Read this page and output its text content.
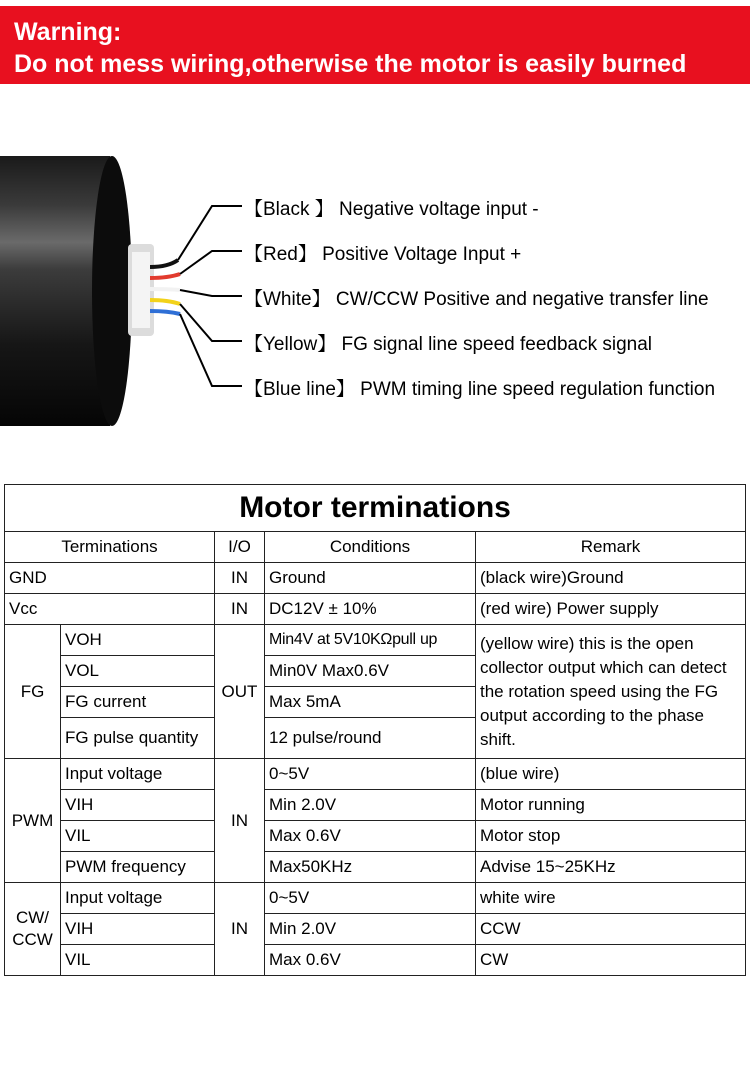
Warning:
Do not mess wiring,otherwise the motor is easily burned
【Black 】 Negative voltage input -
【Red】 Positive Voltage Input +
【White】 CW/CCW Positive and negative transfer line
【Yellow】 FG signal line speed feedback signal
【Blue line】 PWM timing line speed regulation function
Motor terminations				
Terminations		I/O	Conditions	Remark
GND		IN	Ground	(black wire)Ground
Vcc		IN	DC12V ± 10%	(red wire) Power supply
FG	VOH	OUT	Min4V at 5V10KΩpull up	(yellow wire) this is the open collector output which can detect the rotation speed using the FG output according to the phase shift.
	VOL		Min0V Max0.6V	
	FG current		Max 5mA	
	FG pulse quantity		12 pulse/round	
PWM	Input voltage	IN	0~5V	(blue wire)
	VIH		Min 2.0V	Motor running
	VIL		Max 0.6V	Motor stop
	PWM frequency		Max50KHz	Advise 15~25KHz
CW/
CCW	Input voltage	IN	0~5V	white wire
	VIH		Min 2.0V	CCW
	VIL		Max 0.6V	CW
